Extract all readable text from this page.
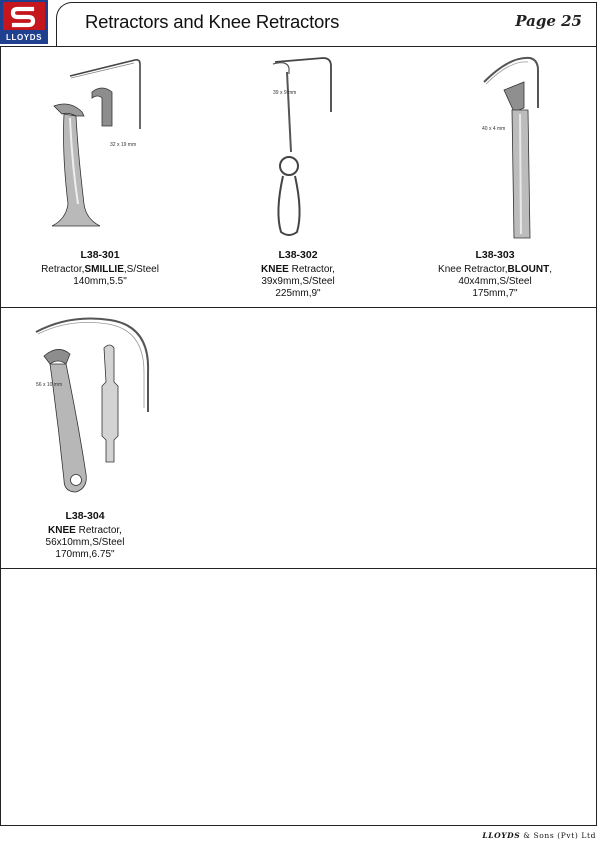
LLOYDS
Retractors and Knee Retractors	Page 25
32 x 19 mm
39 x 9 mm
40 x 4 mm
56 x 10 mm
L38-301
Retractor,SMILLIE,S/Steel
140mm,5.5"
L38-302
KNEE Retractor,
39x9mm,S/Steel
225mm,9"
L38-303
Knee Retractor,BLOUNT,
40x4mm,S/Steel
175mm,7"
L38-304
KNEE Retractor,
56x10mm,S/Steel
170mm,6.75"
LLOYDS & Sons (Pvt) Ltd
